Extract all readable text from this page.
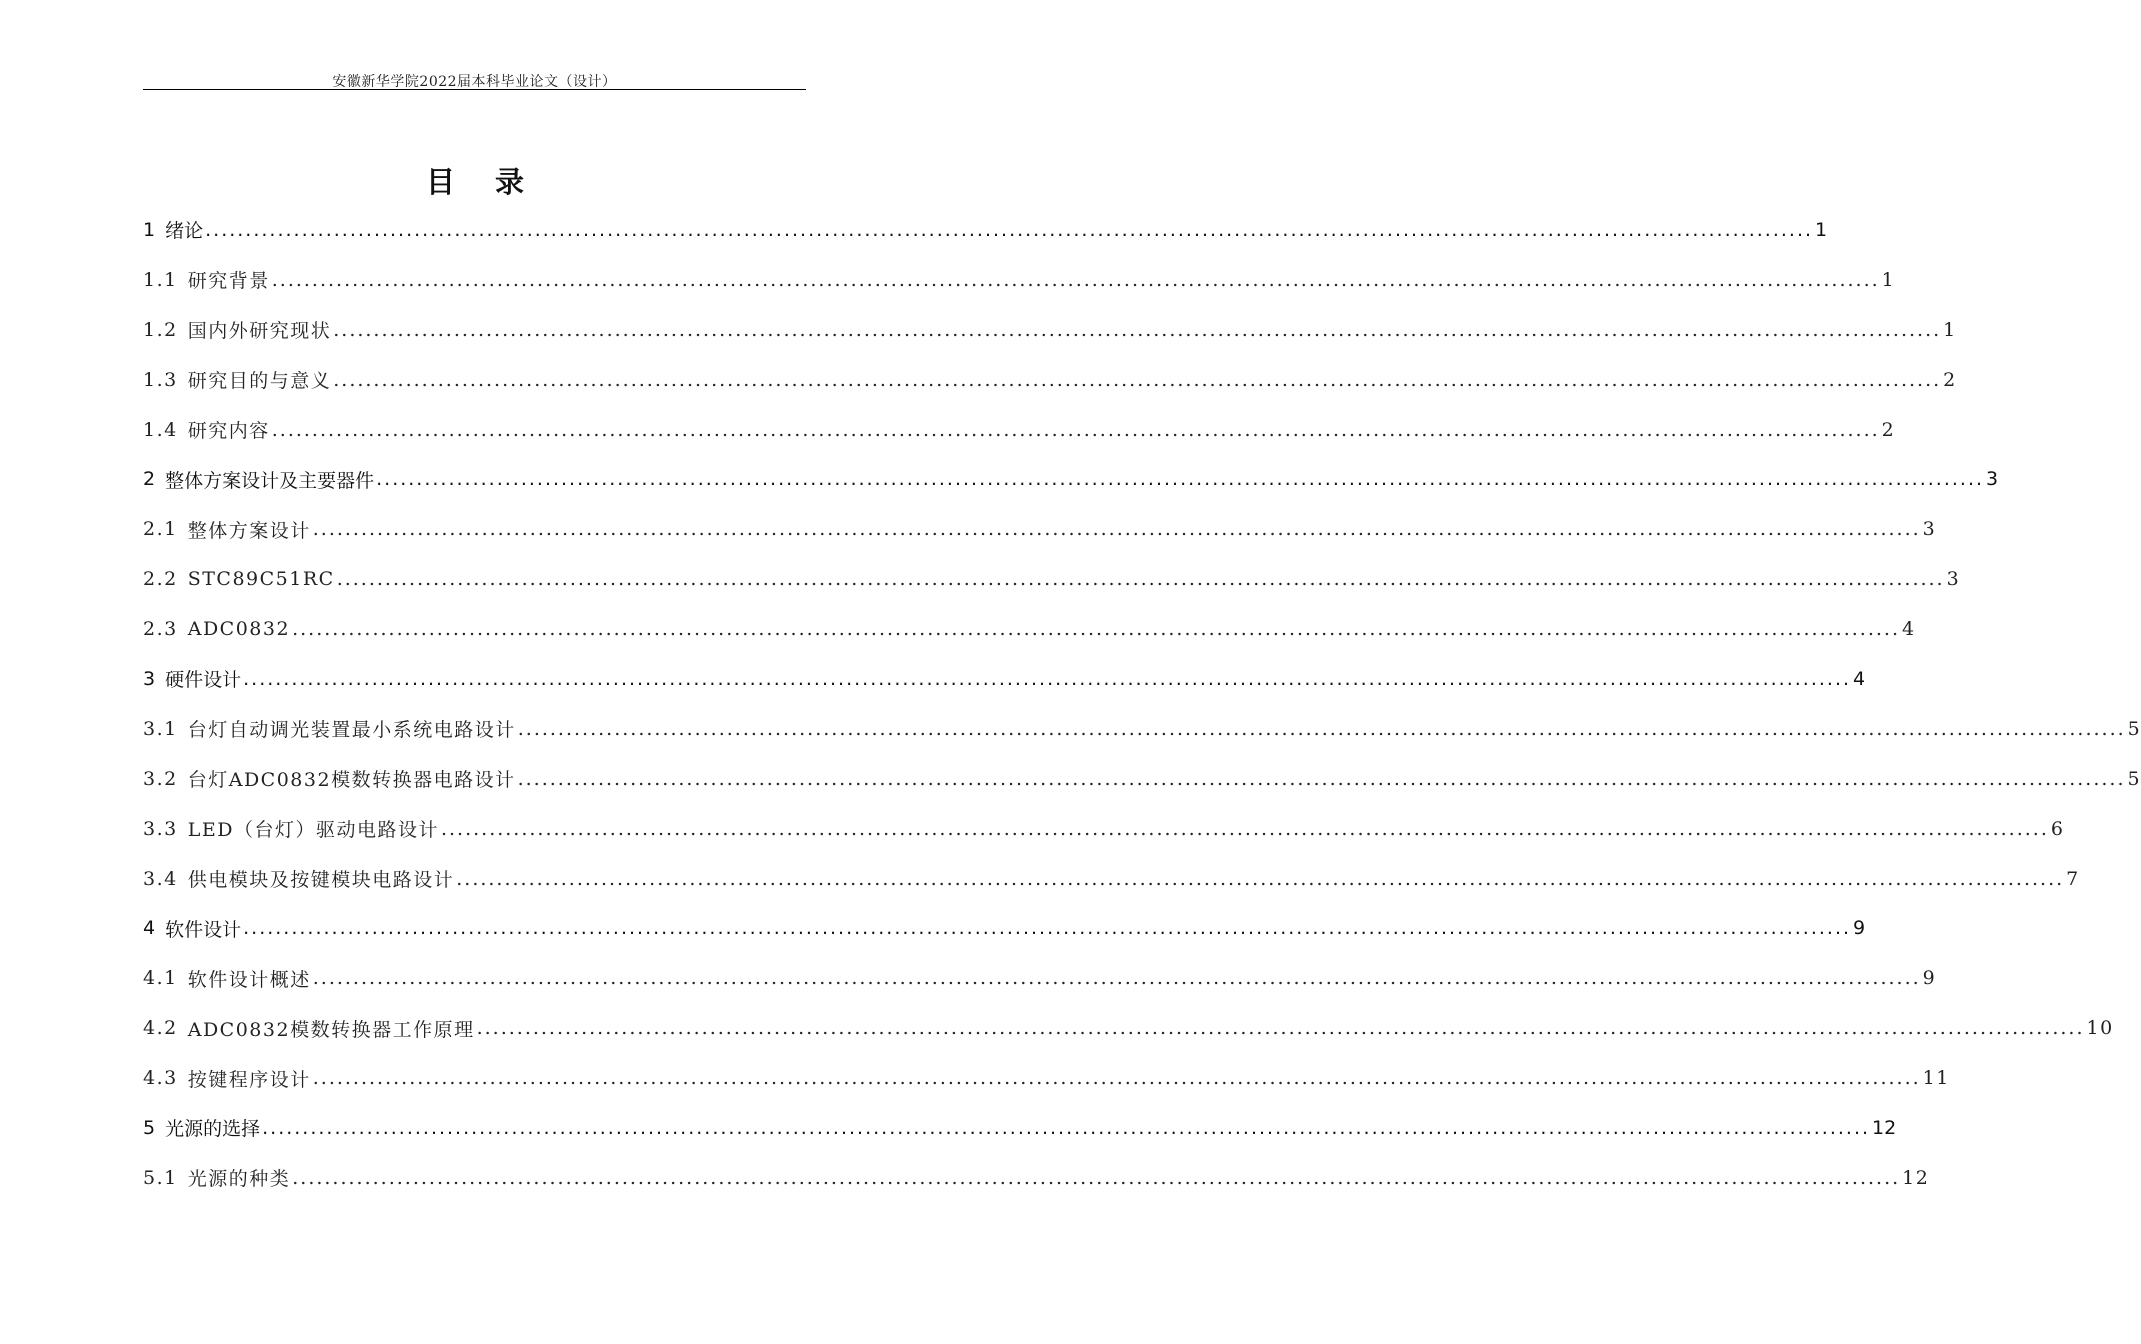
安徽新华学院2022届本科毕业论文（设计）
目 录
1 绪论 ........................................................................................................................................................................................................ 1
1.1 研究背景 ........................................................................................................................................................................................................ 1
1.2 国内外研究现状 ........................................................................................................................................................................................................ 1
1.3 研究目的与意义 ........................................................................................................................................................................................................ 2
1.4 研究内容 ........................................................................................................................................................................................................ 2
2 整体方案设计及主要器件 ........................................................................................................................................................................................................ 3
2.1 整体方案设计 ........................................................................................................................................................................................................ 3
2.2 STC89C51RC ........................................................................................................................................................................................................ 3
2.3 ADC0832 ........................................................................................................................................................................................................ 4
3 硬件设计 ........................................................................................................................................................................................................ 4
3.1 台灯自动调光装置最小系统电路设计 ........................................................................................................................................................................................................ 5
3.2 台灯ADC0832模数转换器电路设计 ........................................................................................................................................................................................................ 5
3.3 LED（台灯）驱动电路设计 ........................................................................................................................................................................................................ 6
3.4 供电模块及按键模块电路设计 ........................................................................................................................................................................................................ 7
4 软件设计 ........................................................................................................................................................................................................ 9
4.1 软件设计概述 ........................................................................................................................................................................................................ 9
4.2 ADC0832模数转换器工作原理 ........................................................................................................................................................................................................ 10
4.3 按键程序设计 ........................................................................................................................................................................................................ 11
5 光源的选择 ........................................................................................................................................................................................................ 12
5.1 光源的种类 ........................................................................................................................................................................................................ 12
